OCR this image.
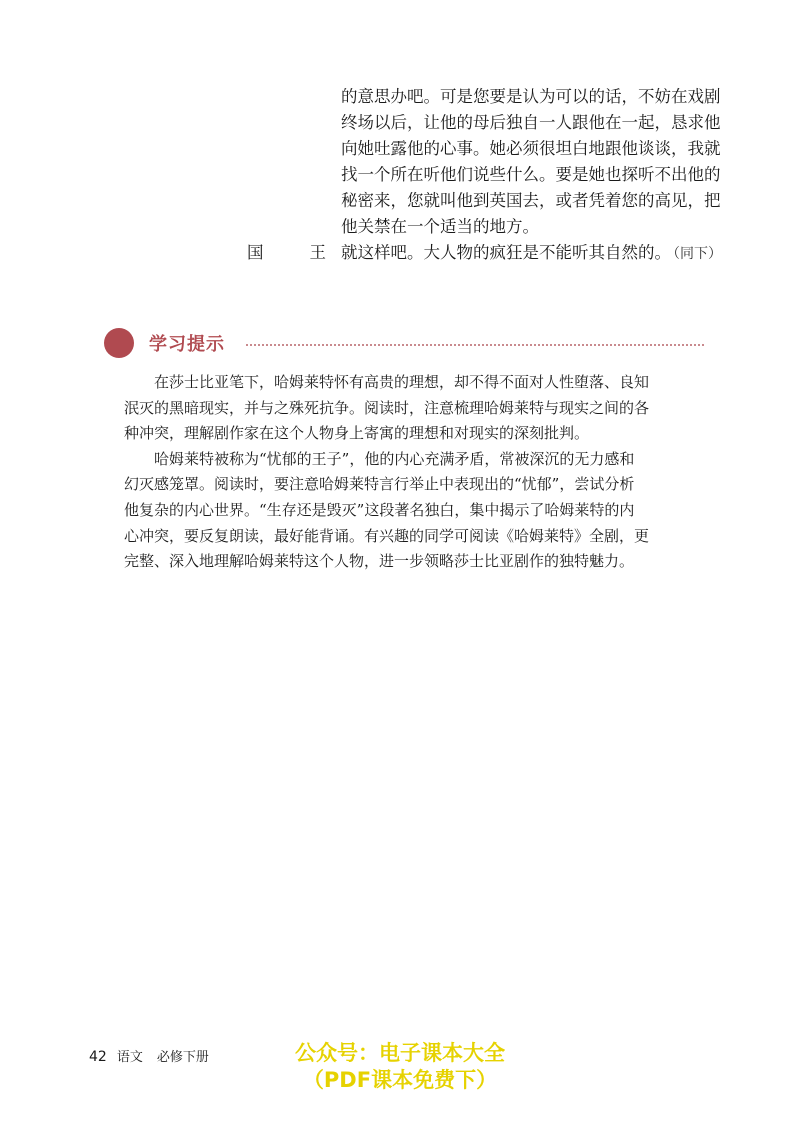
的意思办吧。可是您要是认为可以的话，不妨在戏剧
终场以后，让他的母后独自一人跟他在一起，恳求他
向她吐露他的心事。她必须很坦白地跟他谈谈，我就
找一个所在听他们说些什么。要是她也探听不出他的
秘密来，您就叫他到英国去，或者凭着您的高见，把
他关禁在一个适当的地方。
国	王 就这样吧。大人物的疯狂是不能听其自然的。 （同下）
学习提示

在莎士比亚笔下，哈姆莱特怀有高贵的理想，却不得不面对人性堕落、良知
泯灭的黑暗现实，并与之殊死抗争。阅读时，注意梳理哈姆莱特与现实之间的各
种冲突，理解剧作家在这个人物身上寄寓的理想和对现实的深刻批判。

哈姆莱特被称为“忧郁的王子”，他的内心充满矛盾，常被深沉的无力感和
幻灭感笼罩。阅读时，要注意哈姆莱特言行举止中表现出的“忧郁”，尝试分析
他复杂的内心世界。“生存还是毁灭”这段著名独白，集中揭示了哈姆莱特的内
心冲突，要反复朗读，最好能背诵。有兴趣的同学可阅读《哈姆莱特》全剧，更
完整、深入地理解哈姆莱特这个人物，进一步领略莎士比亚剧作的独特魅力。

42 语文 必修下册	公众号：电子课本大全
（PDF课本免费下）
